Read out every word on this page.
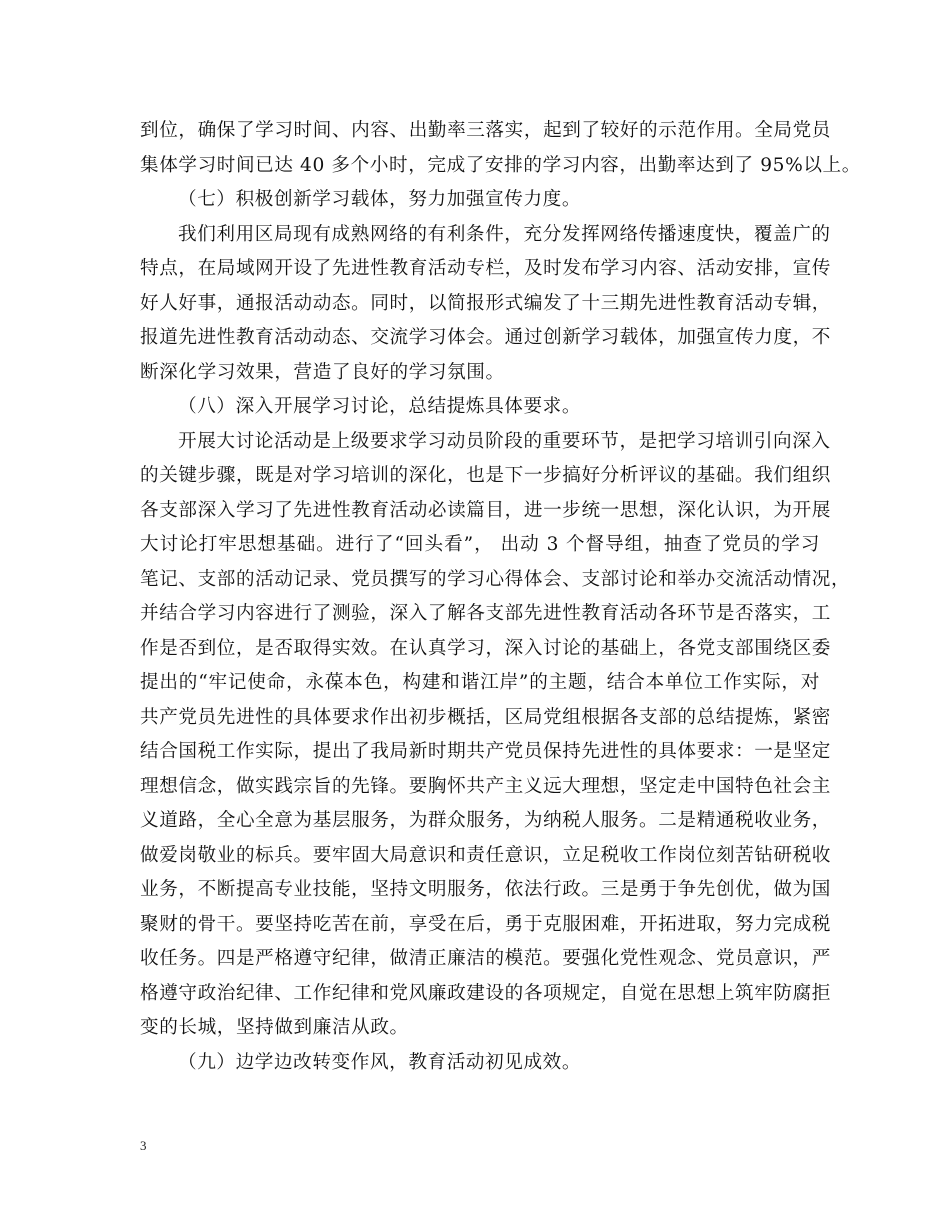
到位，确保了学习时间、内容、出勤率三落实，起到了较好的示范作用。全局党员
集体学习时间已达 40 多个小时，完成了安排的学习内容，出勤率达到了 95%以上。
（七）积极创新学习载体，努力加强宣传力度。
我们利用区局现有成熟网络的有利条件，充分发挥网络传播速度快，覆盖广的
特点，在局域网开设了先进性教育活动专栏，及时发布学习内容、活动安排，宣传
好人好事，通报活动动态。同时，以简报形式编发了十三期先进性教育活动专辑，
报道先进性教育活动动态、交流学习体会。通过创新学习载体，加强宣传力度，不
断深化学习效果，营造了良好的学习氛围。
（八）深入开展学习讨论，总结提炼具体要求。
开展大讨论活动是上级要求学习动员阶段的重要环节，是把学习培训引向深入
的关键步骤，既是对学习培训的深化，也是下一步搞好分析评议的基础。我们组织
各支部深入学习了先进性教育活动必读篇目，进一步统一思想，深化认识，为开展
大讨论打牢思想基础。进行了“回头看”， 出动 3 个督导组，抽查了党员的学习
笔记、支部的活动记录、党员撰写的学习心得体会、支部讨论和举办交流活动情况，
并结合学习内容进行了测验，深入了解各支部先进性教育活动各环节是否落实，工
作是否到位，是否取得实效。在认真学习，深入讨论的基础上，各党支部围绕区委
提出的“牢记使命，永葆本色，构建和谐江岸”的主题，结合本单位工作实际，对
共产党员先进性的具体要求作出初步概括，区局党组根据各支部的总结提炼，紧密
结合国税工作实际，提出了我局新时期共产党员保持先进性的具体要求：一是坚定
理想信念，做实践宗旨的先锋。要胸怀共产主义远大理想，坚定走中国特色社会主
义道路，全心全意为基层服务，为群众服务，为纳税人服务。二是精通税收业务，
做爱岗敬业的标兵。要牢固大局意识和责任意识，立足税收工作岗位刻苦钻研税收
业务，不断提高专业技能，坚持文明服务，依法行政。三是勇于争先创优，做为国
聚财的骨干。要坚持吃苦在前，享受在后，勇于克服困难，开拓进取，努力完成税
收任务。四是严格遵守纪律，做清正廉洁的模范。要强化党性观念、党员意识，严
格遵守政治纪律、工作纪律和党风廉政建设的各项规定，自觉在思想上筑牢防腐拒
变的长城，坚持做到廉洁从政。
（九）边学边改转变作风，教育活动初见成效。
3
